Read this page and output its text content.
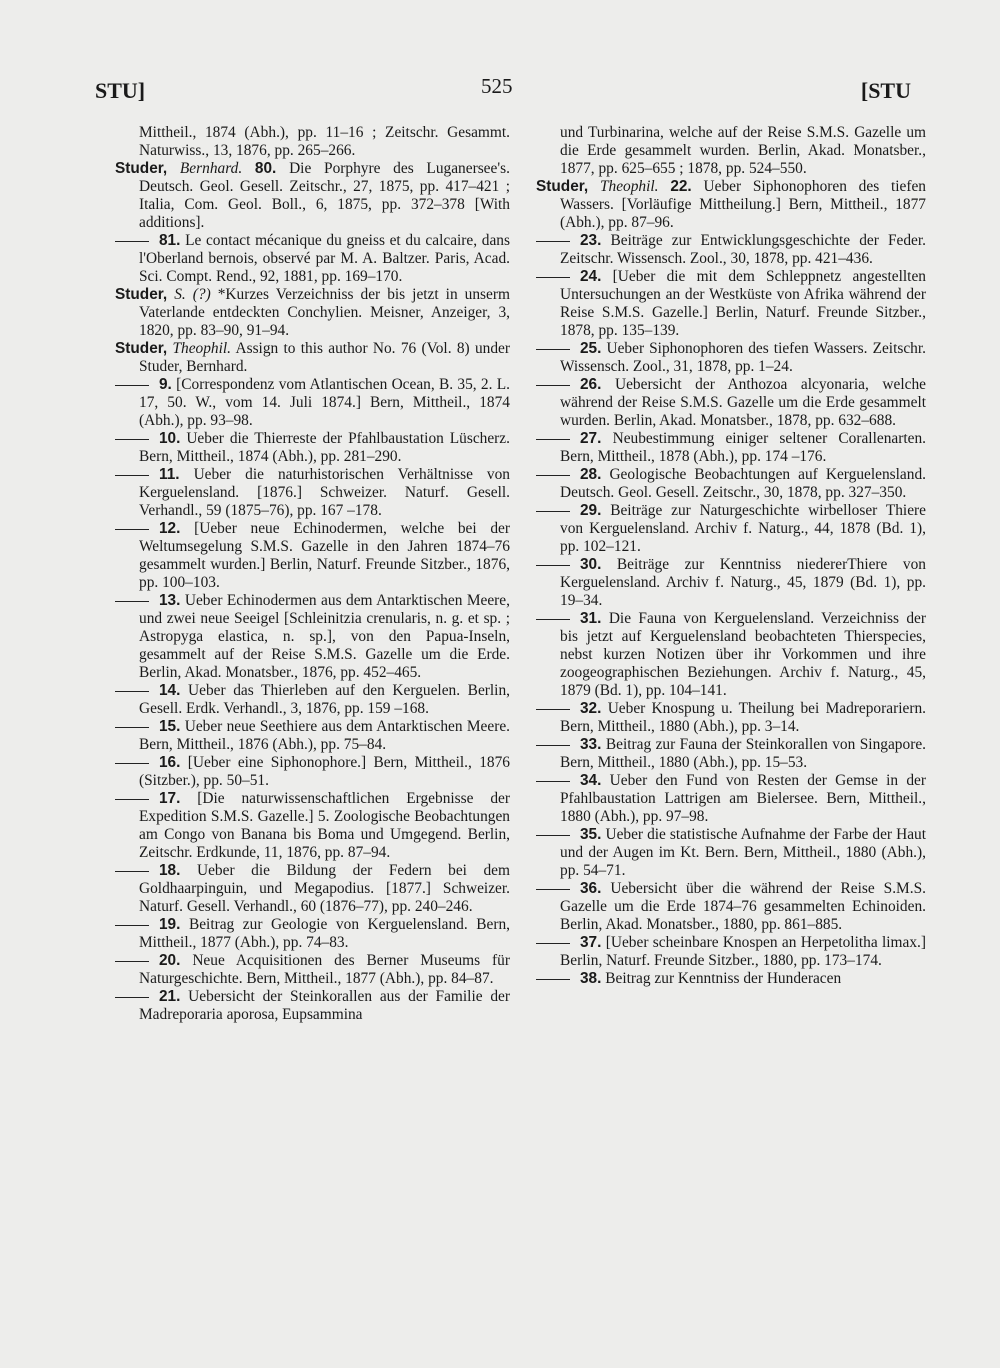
STU]	525	[STU

Mittheil., 1874 (Abh.), pp. 11–16 ; Zeitschr. Gesammt. Naturwiss., 13, 1876, pp. 265–266.

Studer, Bernhard. 80. Die Porphyre des Luganersee's. Deutsch. Geol. Gesell. Zeitschr., 27, 1875, pp. 417–421 ; Italia, Com. Geol. Boll., 6, 1875, pp. 372–378 [With additions].

81. Le contact mécanique du gneiss et du calcaire, dans l'Oberland bernois, observé par M. A. Baltzer. Paris, Acad. Sci. Compt. Rend., 92, 1881, pp. 169–170.

Studer, S. (?) *Kurzes Verzeichniss der bis jetzt in unserm Vaterlande entdeckten Conchylien. Meisner, Anzeiger, 3, 1820, pp. 83–90, 91–94.

Studer, Theophil. Assign to this author No. 76 (Vol. 8) under Studer, Bernhard.

9. [Correspondenz vom Atlantischen Ocean, B. 35, 2. L. 17, 50. W., vom 14. Juli 1874.] Bern, Mittheil., 1874 (Abh.), pp. 93–98.

10. Ueber die Thierreste der Pfahlbaustation Lüscherz. Bern, Mittheil., 1874 (Abh.), pp. 281–290.

11. Ueber die naturhistorischen Verhältnisse von Kerguelensland. [1876.] Schweizer. Naturf. Gesell. Verhandl., 59 (1875–76), pp. 167 –178.

12. [Ueber neue Echinodermen, welche bei der Weltumsegelung S.M.S. Gazelle in den Jahren 1874–76 gesammelt wurden.] Berlin, Naturf. Freunde Sitzber., 1876, pp. 100–103.

13. Ueber Echinodermen aus dem Antarktischen Meere, und zwei neue Seeigel [Schleinitzia crenularis, n. g. et sp. ; Astropyga elastica, n. sp.], von den Papua-Inseln, gesammelt auf der Reise S.M.S. Gazelle um die Erde. Berlin, Akad. Monatsber., 1876, pp. 452–465.

14. Ueber das Thierleben auf den Kerguelen. Berlin, Gesell. Erdk. Verhandl., 3, 1876, pp. 159 –168.

15. Ueber neue Seethiere aus dem Antarktischen Meere. Bern, Mittheil., 1876 (Abh.), pp. 75–84.

16. [Ueber eine Siphonophore.] Bern, Mittheil., 1876 (Sitzber.), pp. 50–51.

17. [Die naturwissenschaftlichen Ergebnisse der Expedition S.M.S. Gazelle.] 5. Zoologische Beobachtungen am Congo von Banana bis Boma und Umgegend. Berlin, Zeitschr. Erdkunde, 11, 1876, pp. 87–94.

18. Ueber die Bildung der Federn bei dem Goldhaarpinguin, und Megapodius. [1877.] Schweizer. Naturf. Gesell. Verhandl., 60 (1876–77), pp. 240–246.

19. Beitrag zur Geologie von Kerguelensland. Bern, Mittheil., 1877 (Abh.), pp. 74–83.

20. Neue Acquisitionen des Berner Museums für Naturgeschichte. Bern, Mittheil., 1877 (Abh.), pp. 84–87.

21. Uebersicht der Steinkorallen aus der Familie der Madreporaria aporosa, Eupsammina

und Turbinarina, welche auf der Reise S.M.S. Gazelle um die Erde gesammelt wurden. Berlin, Akad. Monatsber., 1877, pp. 625–655 ; 1878, pp. 524–550.

Studer, Theophil. 22. Ueber Siphonophoren des tiefen Wassers. [Vorläufige Mittheilung.] Bern, Mittheil., 1877 (Abh.), pp. 87–96.

23. Beiträge zur Entwicklungsgeschichte der Feder. Zeitschr. Wissensch. Zool., 30, 1878, pp. 421–436.

24. [Ueber die mit dem Schleppnetz angestellten Untersuchungen an der Westküste von Afrika während der Reise S.M.S. Gazelle.] Berlin, Naturf. Freunde Sitzber., 1878, pp. 135–139.

25. Ueber Siphonophoren des tiefen Wassers. Zeitschr. Wissensch. Zool., 31, 1878, pp. 1–24.

26. Uebersicht der Anthozoa alcyonaria, welche während der Reise S.M.S. Gazelle um die Erde gesammelt wurden. Berlin, Akad. Monatsber., 1878, pp. 632–688.

27. Neubestimmung einiger seltener Corallenarten. Bern, Mittheil., 1878 (Abh.), pp. 174 –176.

28. Geologische Beobachtungen auf Kerguelensland. Deutsch. Geol. Gesell. Zeitschr., 30, 1878, pp. 327–350.

29. Beiträge zur Naturgeschichte wirbelloser Thiere von Kerguelensland. Archiv f. Naturg., 44, 1878 (Bd. 1), pp. 102–121.

30. Beiträge zur Kenntniss niedererThiere von Kerguelensland. Archiv f. Naturg., 45, 1879 (Bd. 1), pp. 19–34.

31. Die Fauna von Kerguelensland. Verzeichniss der bis jetzt auf Kerguelensland beobachteten Thierspecies, nebst kurzen Notizen über ihr Vorkommen und ihre zoogeographischen Beziehungen. Archiv f. Naturg., 45, 1879 (Bd. 1), pp. 104–141.

32. Ueber Knospung u. Theilung bei Madreporariern. Bern, Mittheil., 1880 (Abh.), pp. 3–14.

33. Beitrag zur Fauna der Steinkorallen von Singapore. Bern, Mittheil., 1880 (Abh.), pp. 15–53.

34. Ueber den Fund von Resten der Gemse in der Pfahlbaustation Lattrigen am Bielersee. Bern, Mittheil., 1880 (Abh.), pp. 97–98.

35. Ueber die statistische Aufnahme der Farbe der Haut und der Augen im Kt. Bern. Bern, Mittheil., 1880 (Abh.), pp. 54–71.

36. Uebersicht über die während der Reise S.M.S. Gazelle um die Erde 1874–76 gesammelten Echinoiden. Berlin, Akad. Monatsber., 1880, pp. 861–885.

37. [Ueber scheinbare Knospen an Herpetolitha limax.] Berlin, Naturf. Freunde Sitzber., 1880, pp. 173–174.

38. Beitrag zur Kenntniss der Hunderacen
